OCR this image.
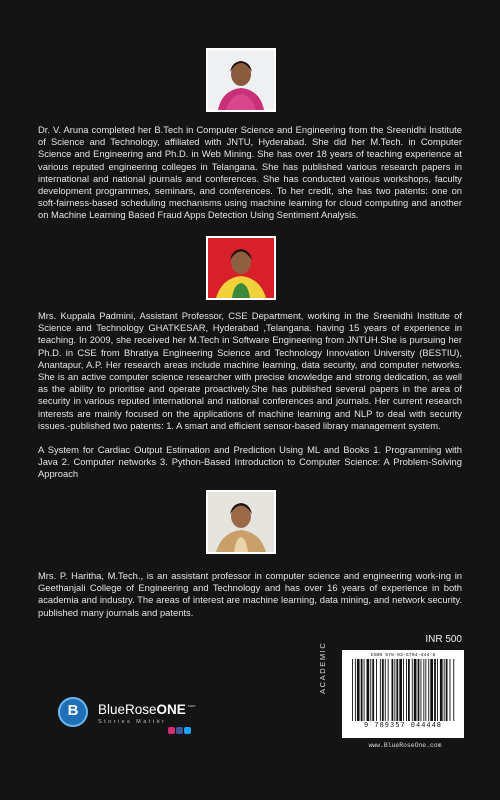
Dr. V. Aruna completed her B.Tech in Computer Science and Engineering from the Sreenidhi Institute of Science and Technology, affiliated with JNTU, Hyderabad. She did her M.Tech. in Computer Science and Engineering and Ph.D. in Web Mining. She has over 18 years of teaching experience at various reputed engineering colleges in Telangana. She has published various research papers in international and national journals and conferences. She has conducted various workshops, faculty development programmes, seminars, and conferences. To her credit, she has two patents: one on soft-fairness-based scheduling mechanisms using machine learning for cloud computing and another on Machine Learning Based Fraud Apps Detection Using Sentiment Analysis.

Mrs. Kuppala Padmini, Assistant Professor, CSE Department, working in the Sreenidhi Institute of Science and Technology GHATKESAR, Hyderabad ,Telangana. having 15 years of experience in teaching. In 2009, she received her M.Tech in Software Engineering from JNTUH.She is pursuing her Ph.D. in CSE from Bhratiya Engineering Science and Technology Innovation University (BESTIU), Anantapur, A.P. Her research areas include machine learning, data security, and computer networks. She is an active computer science researcher with precise knowledge and strong dedication, as well as the ability to prioritise and operate proactively.She has published several papers in the area of security in various reputed international and national conferences and journals. Her current research interests are mainly focused on the applications of machine learning and NLP to deal with security issues.-published two patents: 1. A smart and efficient sensor-based library management system.

A System for Cardiac Output Estimation and Prediction Using ML and Books 1. Programming with Java 2. Computer networks 3. Python-Based Introduction to Computer Science: A Problem-Solving Approach

Mrs. P. Haritha, M.Tech., is an assistant professor in computer science and engineering work-ing in Geethanjali College of Engineering and Technology and has over 16 years of experience in both academia and industry. The areas of interest are machine learning, data mining, and network security. published many journals and patents.

INR 500
ACADEMIC	ISBN 978-93-5704-444-8
9 789357 044448
www.BlueRoseOne.com
B	BlueRoseONE$^{.com}$
Stories Matter
